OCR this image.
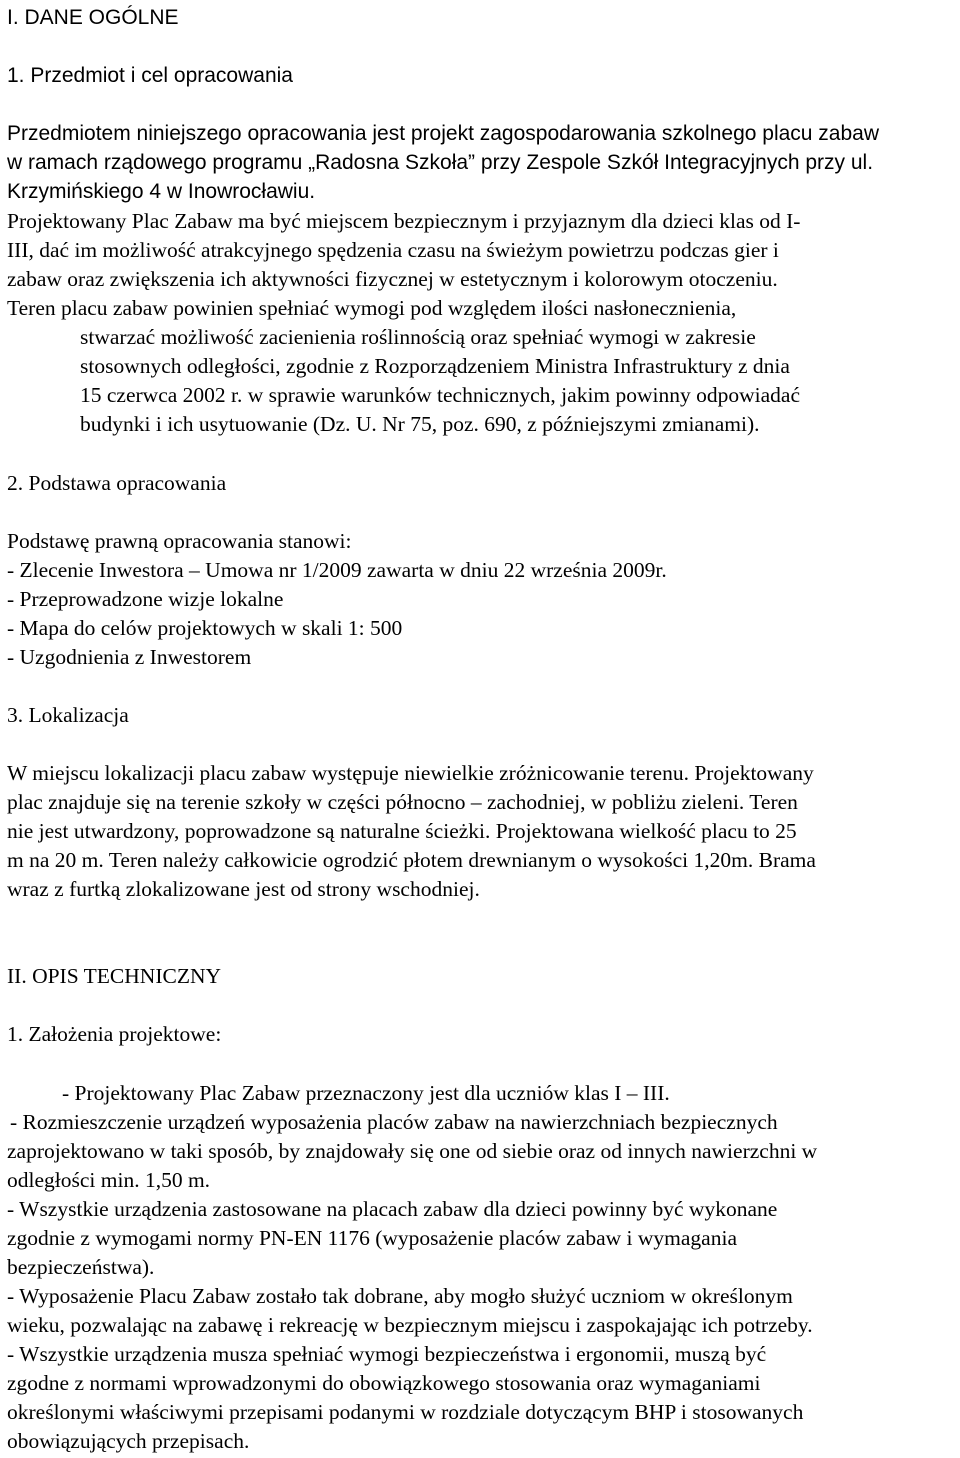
I. DANE OGÓLNE
1. Przedmiot i cel opracowania
Przedmiotem niniejszego opracowania jest projekt zagospodarowania szkolnego placu zabaw
w ramach rządowego programu „Radosna Szkoła” przy Zespole Szkół Integracyjnych przy ul.
Krzymińskiego 4 w Inowrocławiu.
Projektowany Plac Zabaw ma być miejscem bezpiecznym i przyjaznym dla dzieci klas od I-
III, dać im możliwość atrakcyjnego spędzenia czasu na świeżym powietrzu podczas gier i
zabaw oraz zwiększenia ich aktywności fizycznej w estetycznym i kolorowym otoczeniu.
Teren placu zabaw powinien spełniać wymogi pod względem ilości nasłonecznienia,
stwarzać możliwość zacienienia roślinnością oraz spełniać wymogi w zakresie
stosownych odległości, zgodnie z Rozporządzeniem Ministra Infrastruktury z dnia
15 czerwca 2002 r. w sprawie warunków technicznych, jakim powinny odpowiadać
budynki i ich usytuowanie (Dz. U. Nr 75, poz. 690, z późniejszymi zmianami).
2. Podstawa opracowania
Podstawę prawną opracowania stanowi:
- Zlecenie Inwestora – Umowa nr 1/2009 zawarta w dniu 22 września 2009r.
- Przeprowadzone wizje lokalne
- Mapa do celów projektowych w skali 1: 500
- Uzgodnienia z Inwestorem
3. Lokalizacja
W miejscu lokalizacji placu zabaw występuje niewielkie zróżnicowanie terenu. Projektowany
plac znajduje się na terenie szkoły w części północno – zachodniej, w pobliżu zieleni. Teren
nie jest utwardzony, poprowadzone są naturalne ścieżki. Projektowana wielkość placu to 25
m na 20 m. Teren należy całkowicie ogrodzić płotem drewnianym o wysokości 1,20m. Brama
wraz z furtką zlokalizowane jest od strony wschodniej.
II. OPIS TECHNICZNY
1. Założenia projektowe:
- Projektowany Plac Zabaw przeznaczony jest dla uczniów klas I – III.
- Rozmieszczenie urządzeń wyposażenia placów zabaw na nawierzchniach bezpiecznych
zaprojektowano w taki sposób, by znajdowały się one od siebie oraz od innych nawierzchni w
odległości min. 1,50 m.
- Wszystkie urządzenia zastosowane na placach zabaw dla dzieci powinny być wykonane
zgodnie z wymogami normy PN-EN 1176 (wyposażenie placów zabaw i wymagania
bezpieczeństwa).
- Wyposażenie Placu Zabaw zostało tak dobrane, aby mogło służyć uczniom w określonym
wieku, pozwalając na zabawę i rekreację w bezpiecznym miejscu i zaspokajając ich potrzeby.
- Wszystkie urządzenia musza spełniać wymogi bezpieczeństwa i ergonomii, muszą być
zgodne z normami wprowadzonymi do obowiązkowego stosowania oraz wymaganiami
określonymi właściwymi przepisami podanymi w rozdziale dotyczącym BHP i stosowanych
obowiązujących przepisach.
